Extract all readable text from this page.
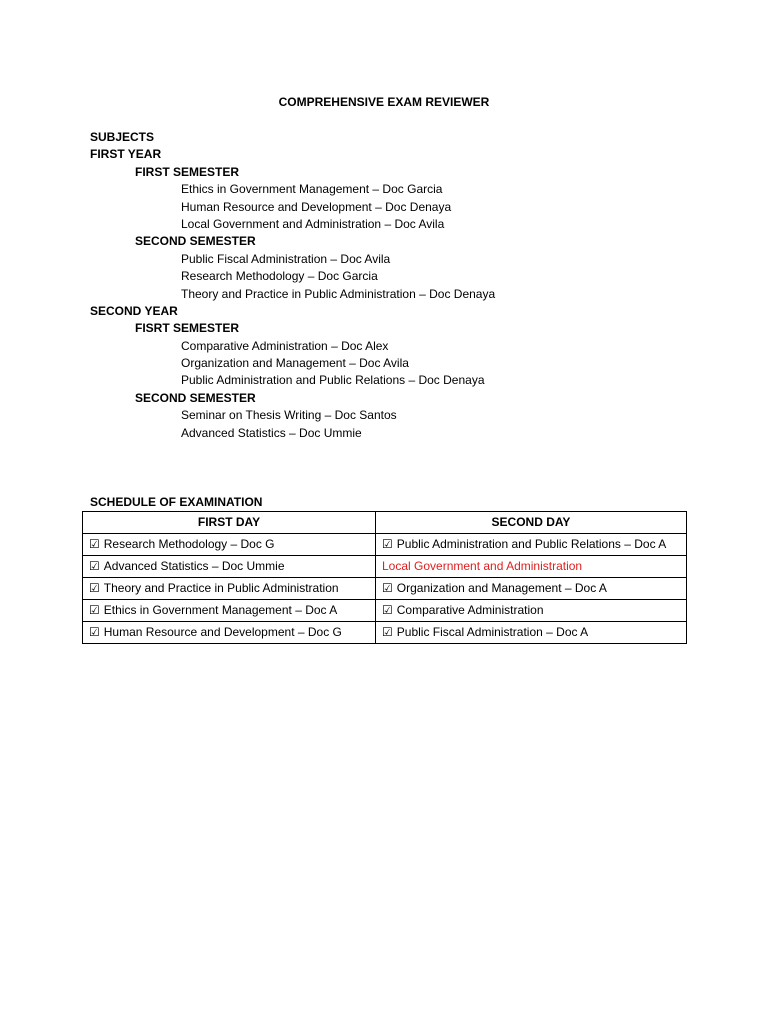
COMPREHENSIVE EXAM REVIEWER
SUBJECTS
FIRST YEAR
FIRST SEMESTER
Ethics in Government Management – Doc Garcia
Human Resource and Development – Doc Denaya
Local Government and Administration – Doc Avila
SECOND SEMESTER
Public Fiscal Administration – Doc Avila
Research Methodology – Doc Garcia
Theory and Practice in Public Administration – Doc Denaya
SECOND YEAR
FISRT SEMESTER
Comparative Administration – Doc Alex
Organization and Management – Doc Avila
Public Administration and Public Relations – Doc Denaya
SECOND SEMESTER
Seminar on Thesis Writing – Doc Santos
Advanced Statistics – Doc Ummie
SCHEDULE OF EXAMINATION
FIRST DAY	SECOND DAY
☑ Research Methodology – Doc G	☑ Public Administration and Public Relations – Doc A
☑ Advanced Statistics – Doc Ummie	Local Government and Administration
☑ Theory and Practice in Public Administration	☑ Organization and Management – Doc A
☑ Ethics in Government Management – Doc A	☑ Comparative Administration
☑ Human Resource and Development – Doc G	☑ Public Fiscal Administration – Doc A
